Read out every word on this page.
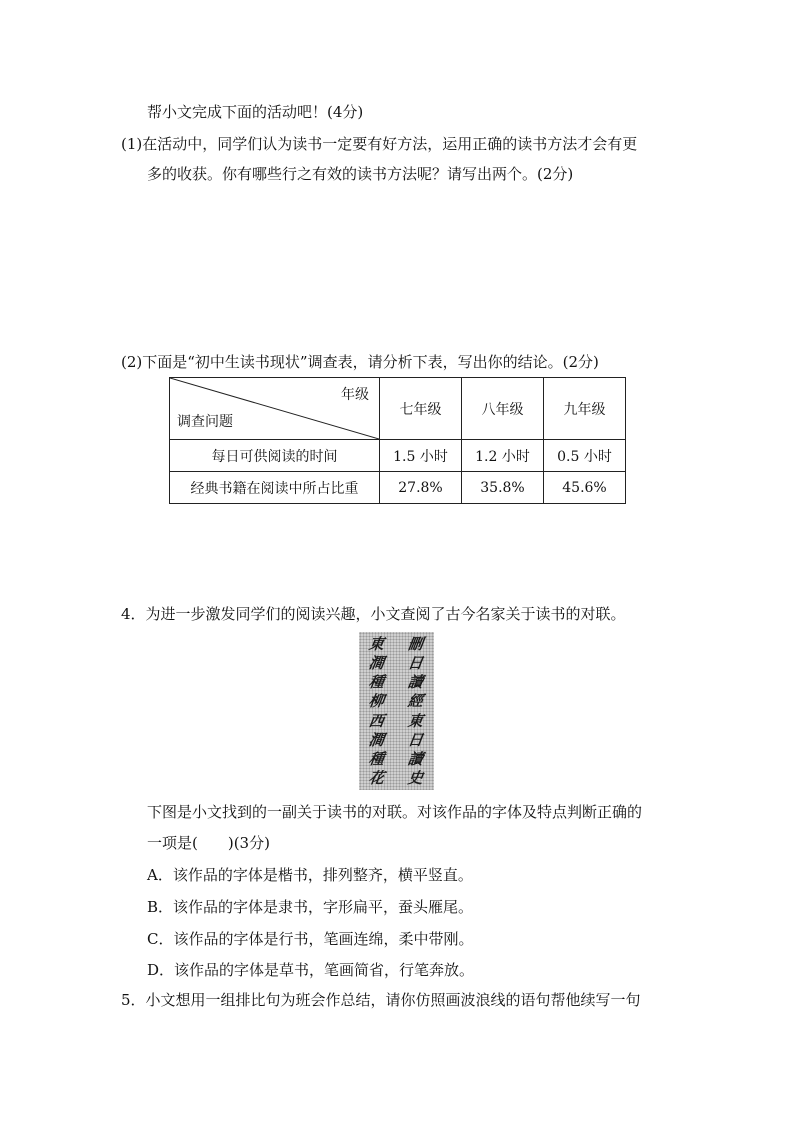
帮小文完成下面的活动吧！(4分)
(1)在活动中，同学们认为读书一定要有好方法，运用正确的读书方法才会有更
多的收获。你有哪些行之有效的读书方法呢？请写出两个。(2分)
(2)下面是“初中生读书现状”调查表，请分析下表，写出你的结论。(2分)
年级
调查问题	七年级	八年级	九年级
每日可供阅读的时间	1.5 小时	1.2 小时	0.5 小时
经典书籍在阅读中所占比重	27.8%	35.8%	45.6%
4．为进一步激发同学们的阅读兴趣，小文查阅了古今名家关于读书的对联。
東
澗
種
柳
西
澗
種
花
刪
日
讀
經
東
日
讀
史
下图是小文找到的一副关于读书的对联。对该作品的字体及特点判断正确的
一项是(　　)(3分)
A．该作品的字体是楷书，排列整齐，横平竖直。
B．该作品的字体是隶书，字形扁平，蚕头雁尾。
C．该作品的字体是行书，笔画连绵，柔中带刚。
D．该作品的字体是草书，笔画简省，行笔奔放。
5．小文想用一组排比句为班会作总结，请你仿照画波浪线的语句帮他续写一句
